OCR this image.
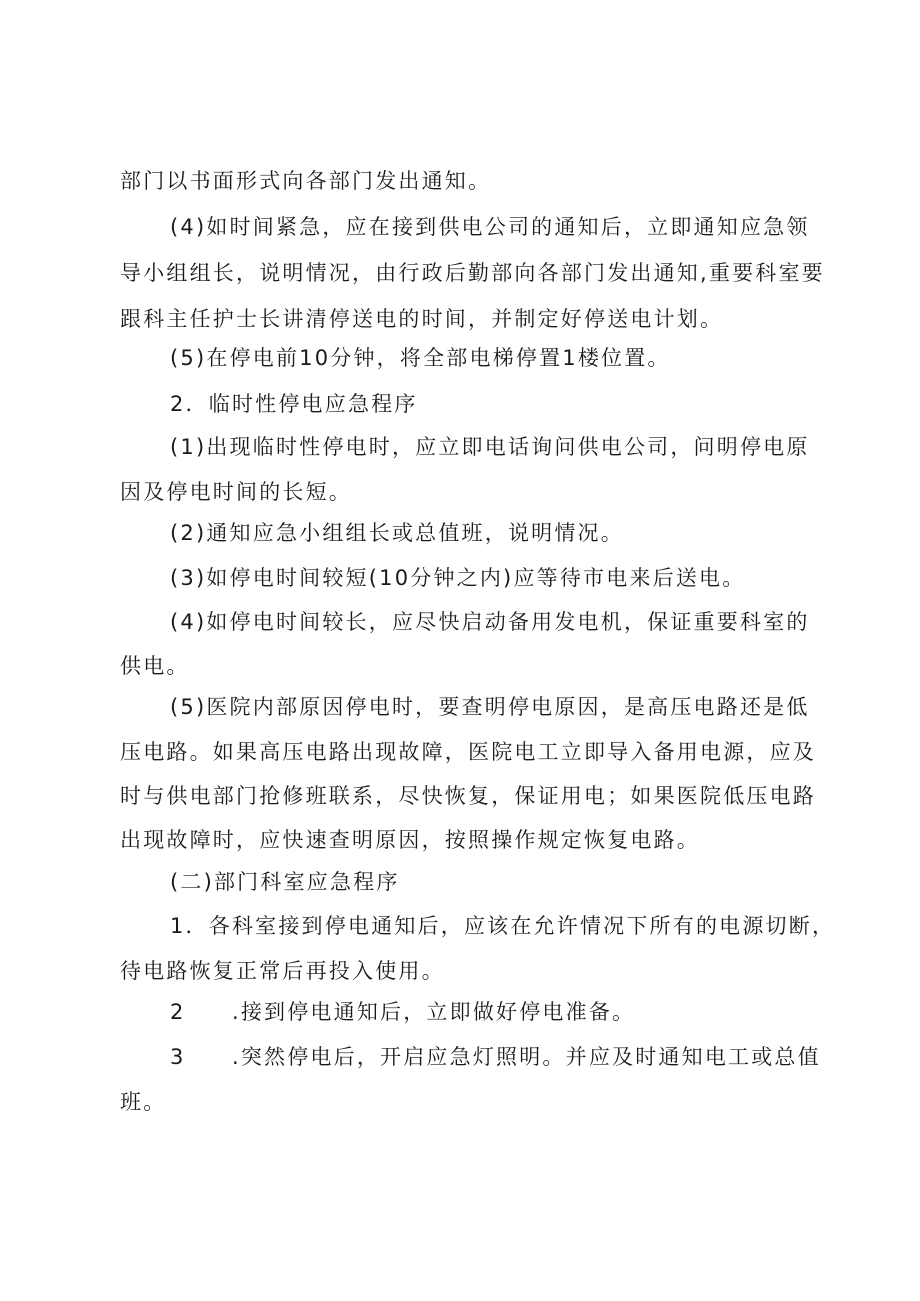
部门以书面形式向各部门发出通知。
(4)如时间紧急，应在接到供电公司的通知后，立即通知应急领
导小组组长，说明情况，由行政后勤部向各部门发出通知,重要科室要
跟科主任护士长讲清停送电的时间，并制定好停送电计划。
(5)在停电前10分钟，将全部电梯停置1楼位置。
2．临时性停电应急程序
(1)出现临时性停电时，应立即电话询问供电公司，问明停电原
因及停电时间的长短。
(2)通知应急小组组长或总值班，说明情况。
(3)如停电时间较短(10分钟之内)应等待市电来后送电。
(4)如停电时间较长，应尽快启动备用发电机，保证重要科室的
供电。
(5)医院内部原因停电时，要查明停电原因，是高压电路还是低
压电路。如果高压电路出现故障，医院电工立即导入备用电源，应及
时与供电部门抢修班联系，尽快恢复，保证用电；如果医院低压电路
出现故障时，应快速查明原因，按照操作规定恢复电路。
(二)部门科室应急程序
1．各科室接到停电通知后，应该在允许情况下所有的电源切断，
待电路恢复正常后再投入使用。
2　　.接到停电通知后，立即做好停电准备。
3　　.突然停电后，开启应急灯照明。并应及时通知电工或总值
班。
